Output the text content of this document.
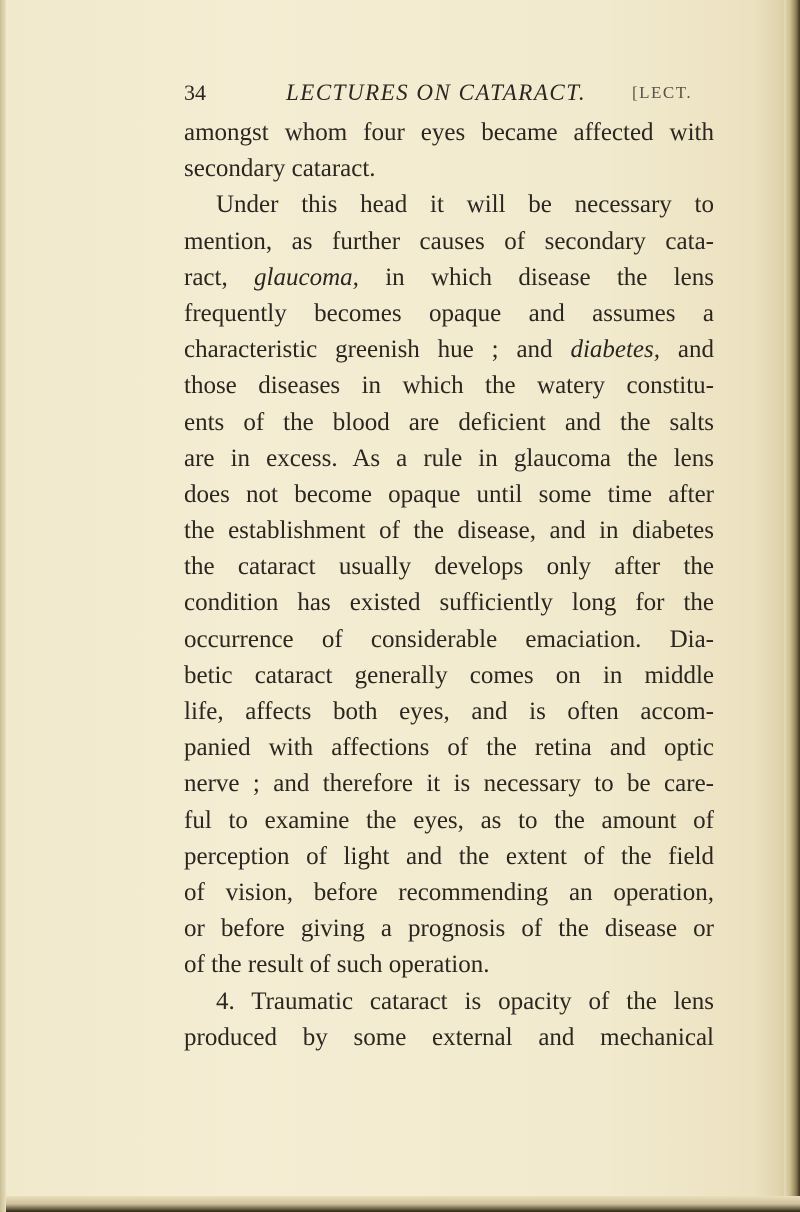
34	LECTURES ON CATARACT.	[LECT.
amongst whom four eyes became affected with
secondary cataract.
Under this head it will be necessary to
mention, as further causes of secondary cata-
ract, glaucoma, in which disease the lens
frequently becomes opaque and assumes a
characteristic greenish hue ; and diabetes, and
those diseases in which the watery constitu-
ents of the blood are deficient and the salts
are in excess. As a rule in glaucoma the lens
does not become opaque until some time after
the establishment of the disease, and in diabetes
the cataract usually develops only after the
condition has existed sufficiently long for the
occurrence of considerable emaciation. Dia-
betic cataract generally comes on in middle
life, affects both eyes, and is often accom-
panied with affections of the retina and optic
nerve ; and therefore it is necessary to be care-
ful to examine the eyes, as to the amount of
perception of light and the extent of the field
of vision, before recommending an operation,
or before giving a prognosis of the disease or
of the result of such operation.
4. Traumatic cataract is opacity of the lens
produced by some external and mechanical
